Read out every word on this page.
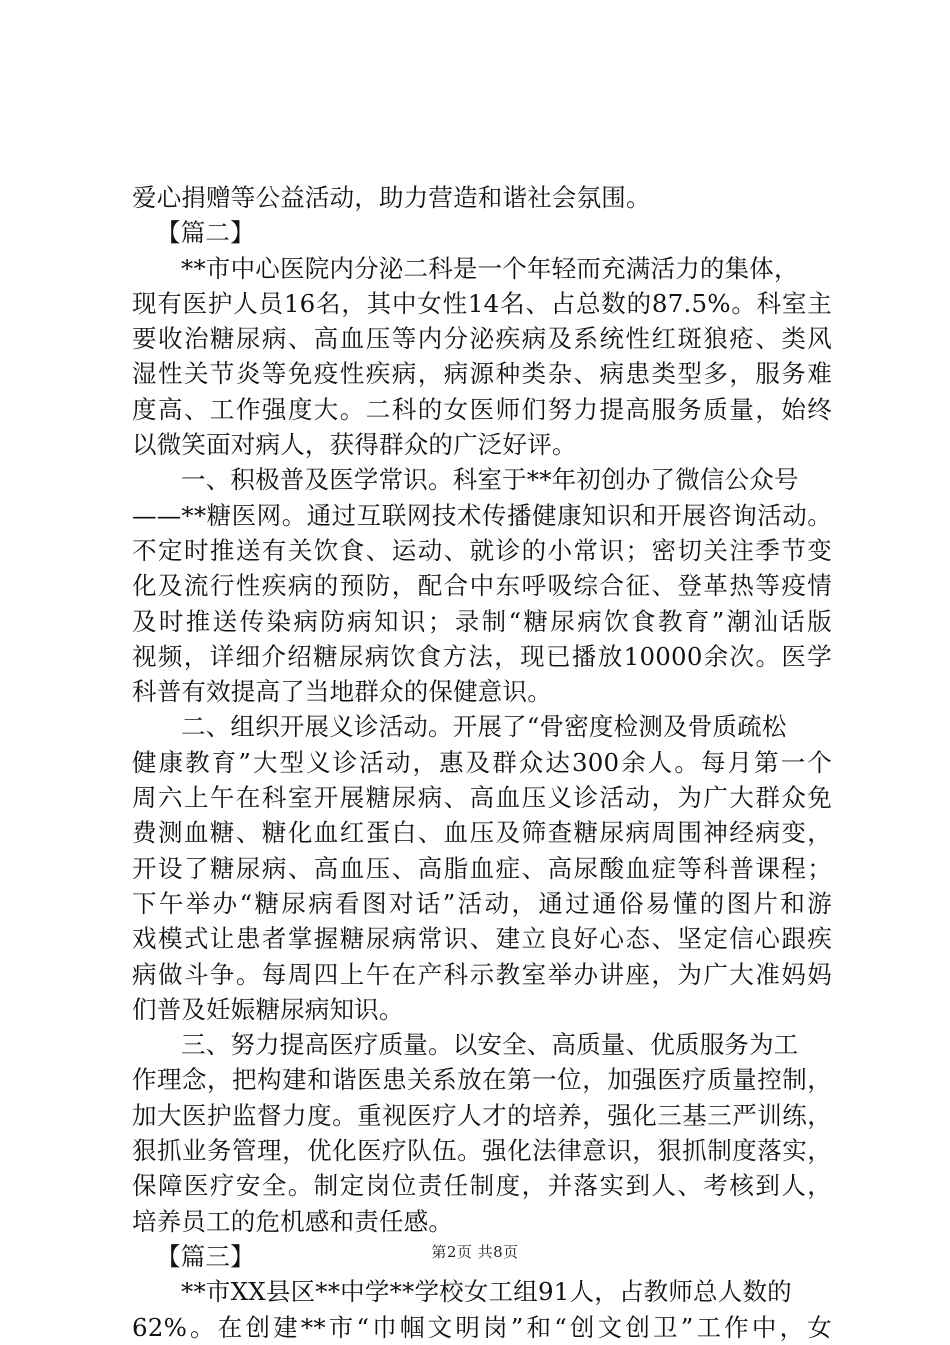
爱心捐赠等公益活动，助力营造和谐社会氛围。
【篇二】
**市中心医院内分泌二科是一个年轻而充满活力的集体，
现有医护人员16名，其中女性14名、占总数的87.5%。科室主
要收治糖尿病、高血压等内分泌疾病及系统性红斑狼疮、类风
湿性关节炎等免疫性疾病，病源种类杂、病患类型多，服务难
度高、工作强度大。二科的女医师们努力提高服务质量，始终
以微笑面对病人，获得群众的广泛好评。
一、积极普及医学常识。科室于**年初创办了微信公众号
——**糖医网。通过互联网技术传播健康知识和开展咨询活动。
不定时推送有关饮食、运动、就诊的小常识；密切关注季节变
化及流行性疾病的预防，配合中东呼吸综合征、登革热等疫情
及时推送传染病防病知识；录制“糖尿病饮食教育”潮汕话版
视频，详细介绍糖尿病饮食方法，现已播放10000余次。医学
科普有效提高了当地群众的保健意识。
二、组织开展义诊活动。开展了“骨密度检测及骨质疏松
健康教育”大型义诊活动，惠及群众达300余人。每月第一个
周六上午在科室开展糖尿病、高血压义诊活动，为广大群众免
费测血糖、糖化血红蛋白、血压及筛查糖尿病周围神经病变，
开设了糖尿病、高血压、高脂血症、高尿酸血症等科普课程；
下午举办“糖尿病看图对话”活动，通过通俗易懂的图片和游
戏模式让患者掌握糖尿病常识、建立良好心态、坚定信心跟疾
病做斗争。每周四上午在产科示教室举办讲座，为广大准妈妈
们普及妊娠糖尿病知识。
三、努力提高医疗质量。以安全、高质量、优质服务为工
作理念，把构建和谐医患关系放在第一位，加强医疗质量控制，
加大医护监督力度。重视医疗人才的培养，强化三基三严训练，
狠抓业务管理，优化医疗队伍。强化法律意识，狠抓制度落实，
保障医疗安全。制定岗位责任制度，并落实到人、考核到人，
培养员工的危机感和责任感。
【篇三】
**市XX县区**中学**学校女工组91人，占教师总人数的
62%。在创建**市“巾帼文明岗”和“创文创卫”工作中，女
第2页 共8页
